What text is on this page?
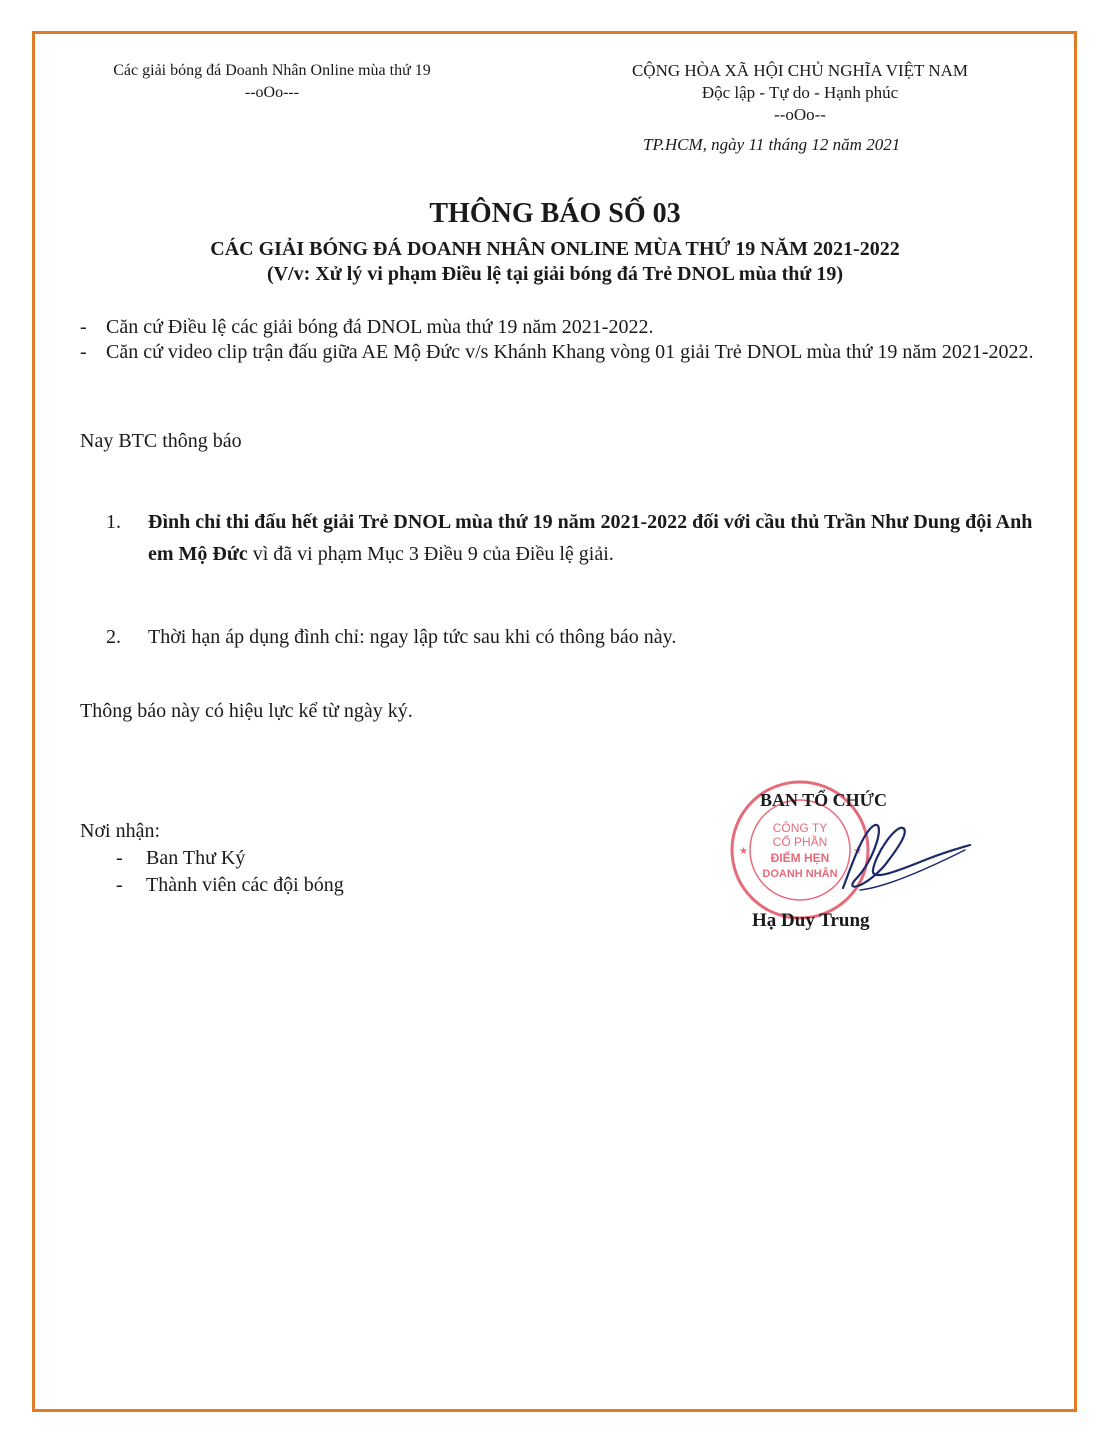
Các giải bóng đá Doanh Nhân Online mùa thứ 19
--oOo---
CỘNG HÒA XÃ HỘI CHỦ NGHĨA VIỆT NAM
Độc lập - Tự do - Hạnh phúc
--oOo--
TP.HCM, ngày 11 tháng 12 năm 2021
THÔNG BÁO SỐ 03
CÁC GIẢI BÓNG ĐÁ DOANH NHÂN ONLINE MÙA THỨ 19 NĂM 2021-2022
(V/v: Xử lý vi phạm Điều lệ tại giải bóng đá Trẻ DNOL mùa thứ 19)
- Căn cứ Điều lệ các giải bóng đá DNOL mùa thứ 19 năm 2021-2022.
- Căn cứ video clip trận đấu giữa AE Mộ Đức v/s Khánh Khang vòng 01 giải Trẻ DNOL mùa thứ 19 năm 2021-2022.
Nay BTC thông báo
1. Đình chỉ thi đấu hết giải Trẻ DNOL mùa thứ 19 năm 2021-2022 đối với cầu thủ Trần Như Dung đội Anh em Mộ Đức vì đã vi phạm Mục 3 Điều 9 của Điều lệ giải.
2. Thời hạn áp dụng đình chỉ: ngay lập tức sau khi có thông báo này.
Thông báo này có hiệu lực kể từ ngày ký.
Nơi nhận:
- Ban Thư Ký
- Thành viên các đội bóng
CÔNG TY
CỔ PHẦN
ĐIỂM HẸN
DOANH NHÂN
★	★
BAN TỔ CHỨC
Hạ Duy Trung
